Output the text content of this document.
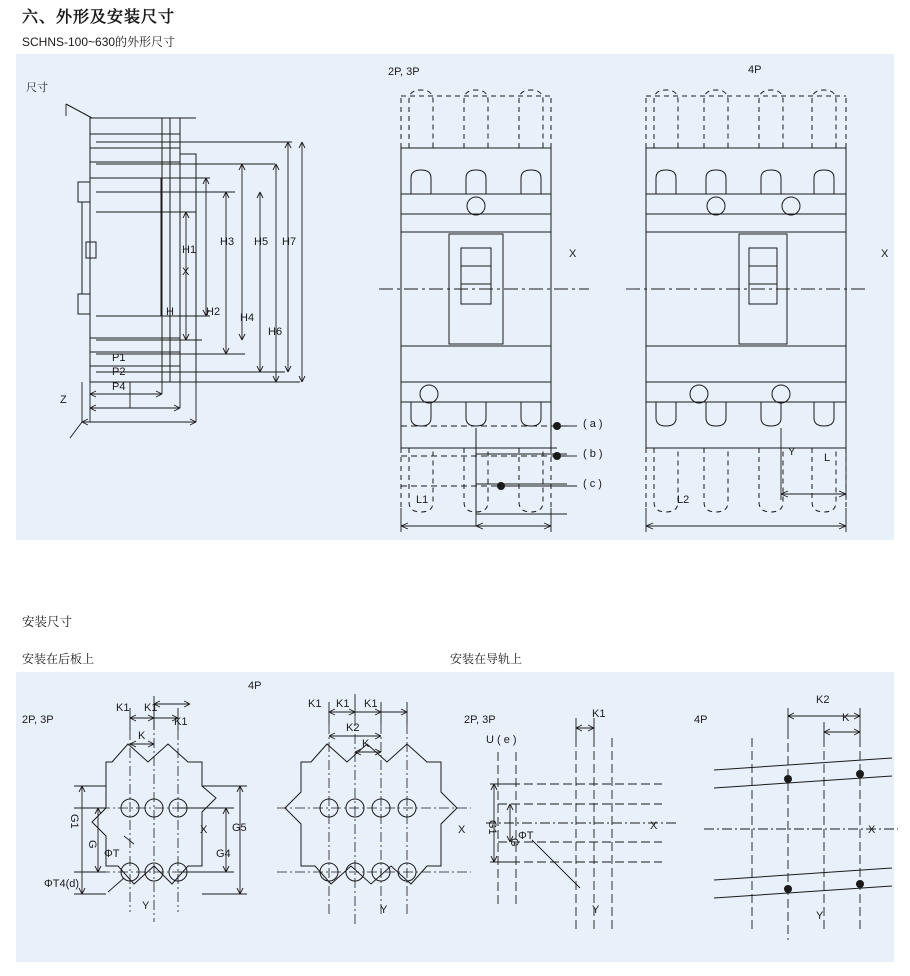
六、外形及安装尺寸
SCHNS-100~630的外形尺寸
尺寸
H1
H3 H5 H7
X
H	H2 H4
H6
P1
P2
P4
Z
2P, 3P
X
( a )
( b )
( c )
L1
4P
X
Y	L
L2
安装尺寸
安装在后板上	安装在导轨上
2P, 3P
K1 K1
K1
K
G1
G
X G5
G4
ΦT
ΦT4(d)
Y
4P
K1 K1 K1
K2
K
X
Y
2P, 3P
U ( e )
K1
G1
G
ΦT
X
Y
4P
K2
K
X
Y
